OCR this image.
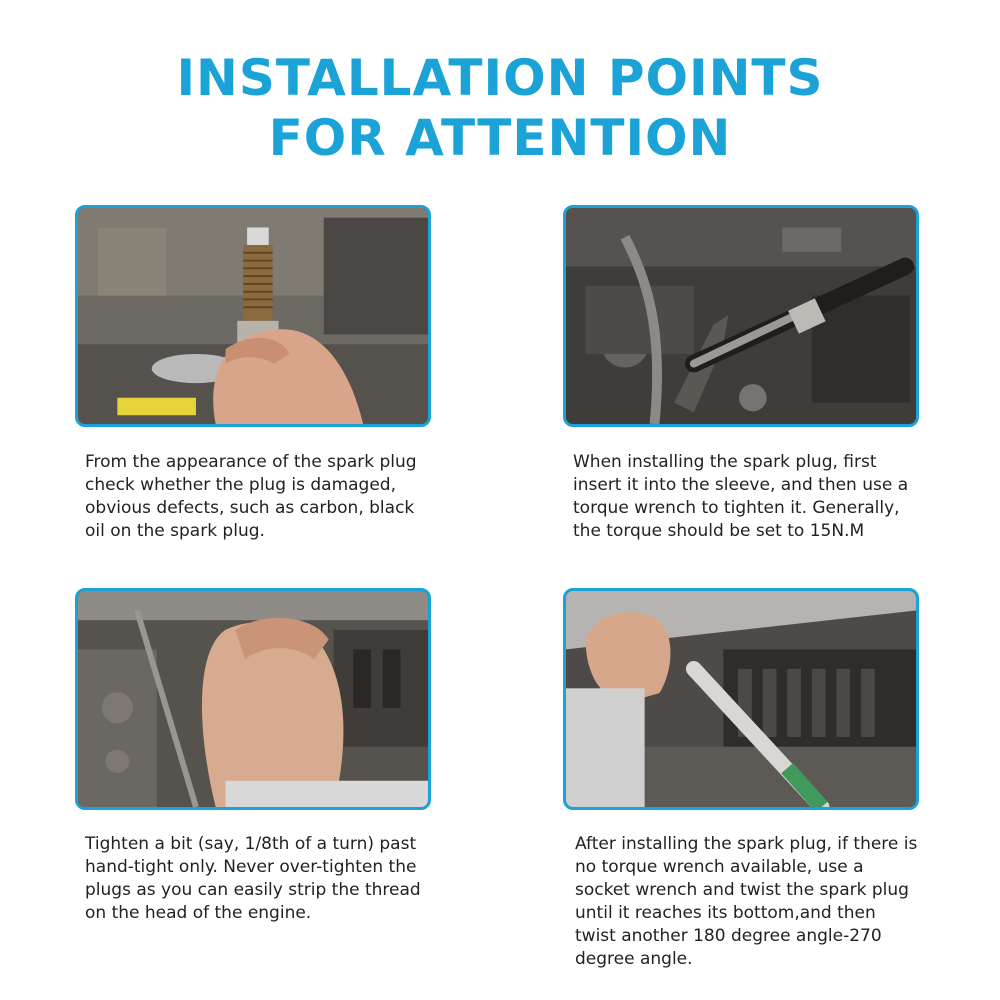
INSTALLATION POINTS
FOR ATTENTION
From the appearance of the spark plug
check whether the plug is damaged,
obvious defects, such as carbon, black
oil on the spark plug.
When installing the spark plug, first
insert it into the sleeve, and then use a
torque wrench to tighten it. Generally,
the torque should be set to 15N.M
Tighten a bit (say, 1/8th of a turn) past
hand-tight only. Never over-tighten the
plugs as you can easily strip the thread
on the head of the engine.
After installing the spark plug, if there is
no torque wrench available, use a
socket wrench and twist the spark plug
until it reaches its bottom,and then
twist another 180 degree angle-270
degree angle.
